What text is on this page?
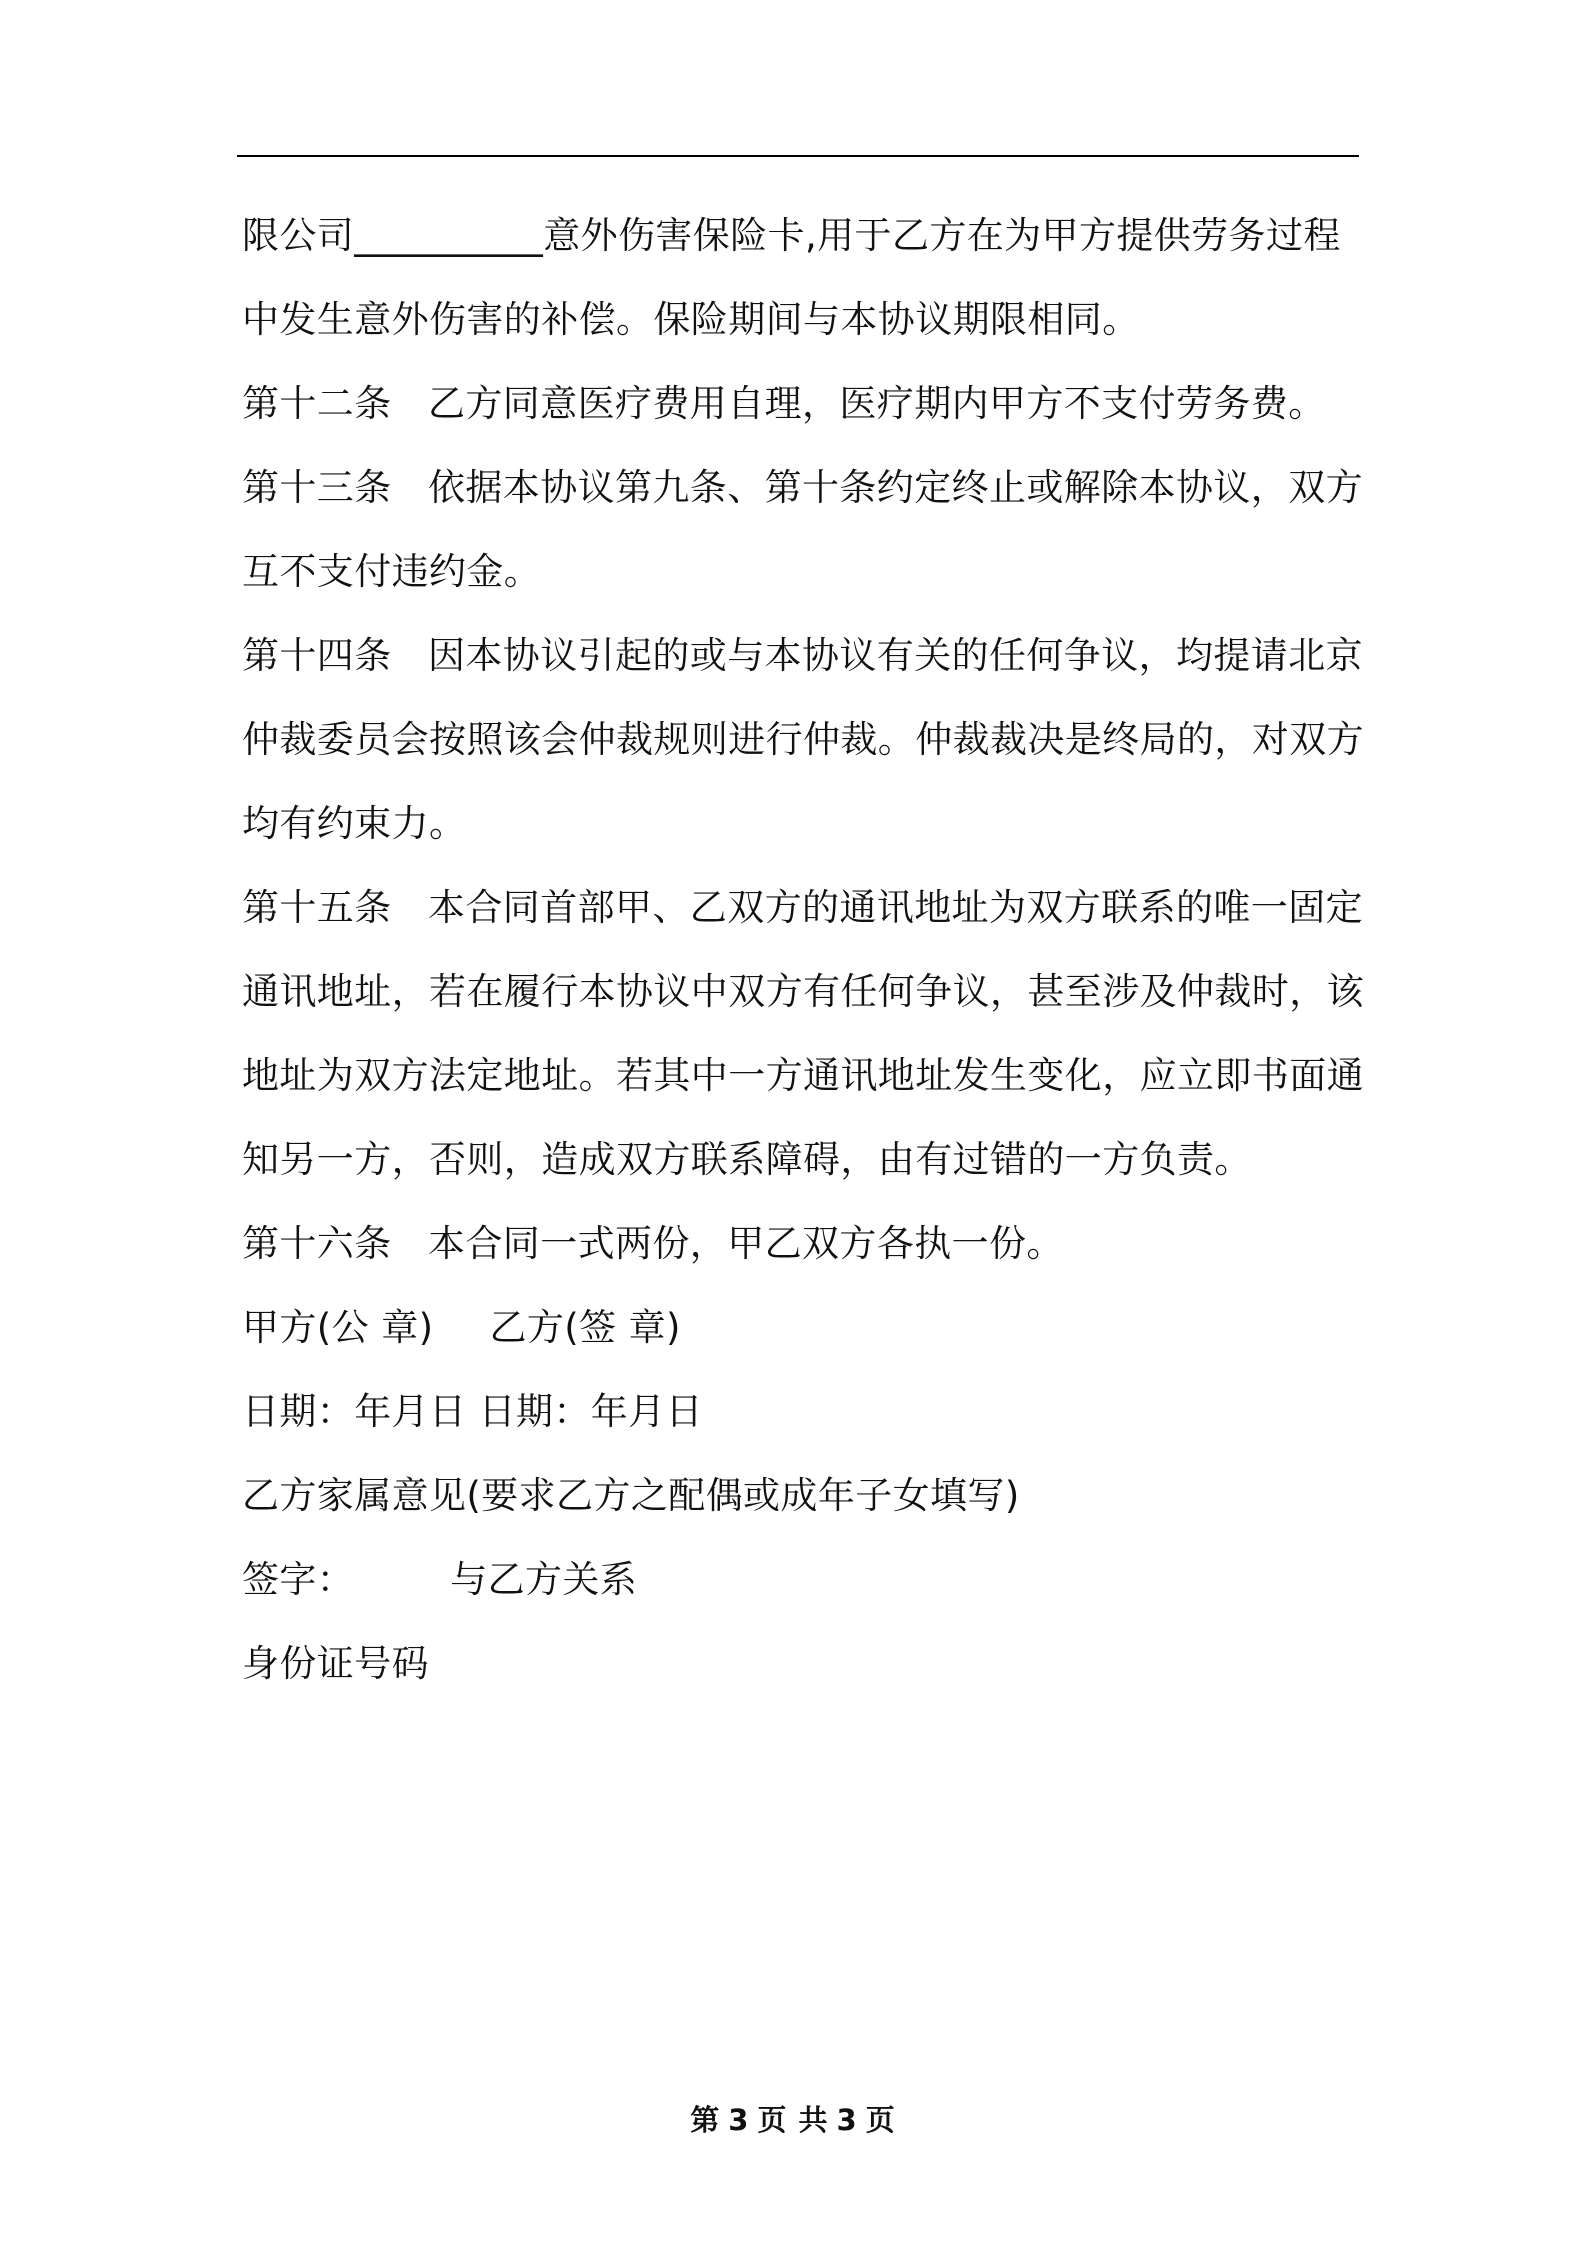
限公司__________意外伤害保险卡,用于乙方在为甲方提供劳务过程
中发生意外伤害的补偿。保险期间与本协议期限相同。
第十二条 乙方同意医疗费用自理，医疗期内甲方不支付劳务费。
第十三条 依据本协议第九条、第十条约定终止或解除本协议，双方
互不支付违约金。
第十四条 因本协议引起的或与本协议有关的任何争议，均提请北京
仲裁委员会按照该会仲裁规则进行仲裁。仲裁裁决是终局的，对双方
均有约束力。
第十五条 本合同首部甲、乙双方的通讯地址为双方联系的唯一固定
通讯地址，若在履行本协议中双方有任何争议，甚至涉及仲裁时，该
地址为双方法定地址。若其中一方通讯地址发生变化，应立即书面通
知另一方，否则，造成双方联系障碍，由有过错的一方负责。
第十六条 本合同一式两份，甲乙双方各执一份。
甲方(公 章) 乙方(签 章)
日期：年月日 日期：年月日
乙方家属意见(要求乙方之配偶或成年子女填写)
签字：	与乙方关系
身份证号码
第 3 页 共 3 页
